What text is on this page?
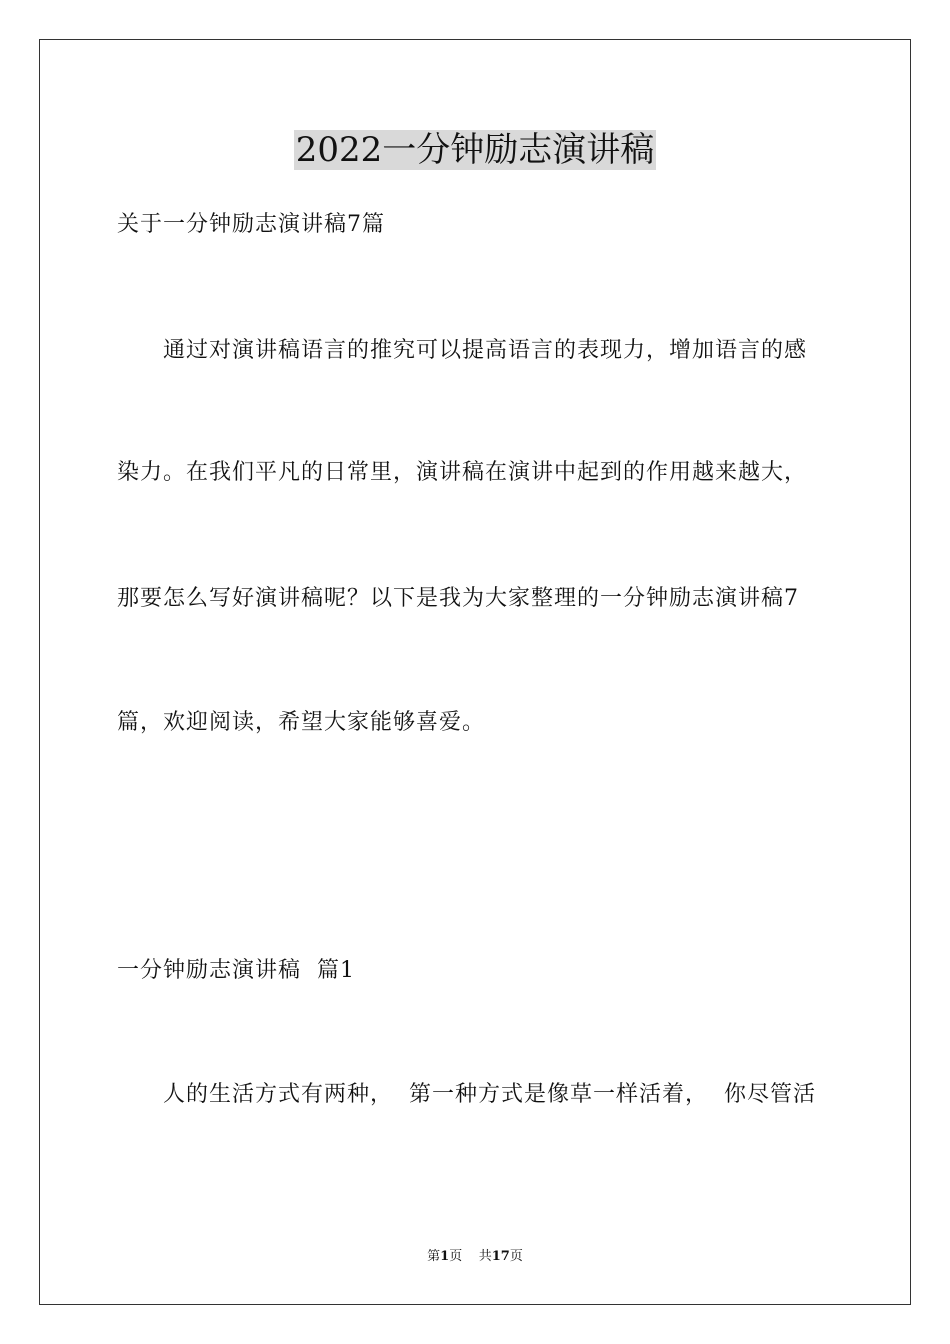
2022一分钟励志演讲稿
关于一分钟励志演讲稿7篇
通过对演讲稿语言的推究可以提高语言的表现力，增加语言的感
染力。在我们平凡的日常里，演讲稿在演讲中起到的作用越来越大，
那要怎么写好演讲稿呢？以下是我为大家整理的一分钟励志演讲稿7
篇，欢迎阅读，希望大家能够喜爱。
一分钟励志演讲稿  篇1
人的生活方式有两种，  第一种方式是像草一样活着，  你尽管活
第1页 共17页
